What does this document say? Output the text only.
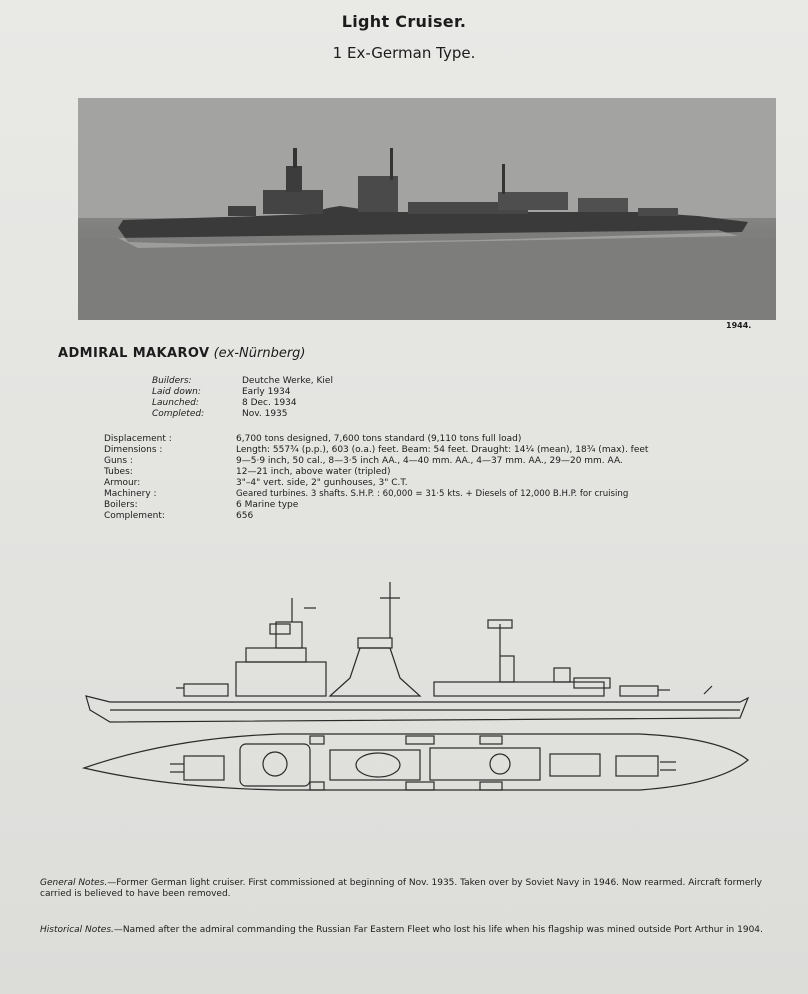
Light Cruiser.
1 Ex-German Type.
1944.
ADMIRAL MAKAROV (ex-Nürnberg)
Builders:
Laid down:
Launched:
Completed:
Deutche Werke, Kiel
Early 1934
8 Dec. 1934
Nov. 1935
Displacement :
Dimensions :
Guns :
Tubes:
Armour:
Machinery :
Boilers:
Complement:
6,700 tons designed, 7,600 tons standard (9,110 tons full load)
Length: 557¾ (p.p.), 603 (o.a.) feet. Beam: 54 feet. Draught: 14¼ (mean), 18¾ (max). feet
9—5·9 inch, 50 cal., 8—3·5 inch AA., 4—40 mm. AA., 4—37 mm. AA., 29—20 mm. AA.
12—21 inch, above water (tripled)
3"–4" vert. side, 2" gunhouses, 3" C.T.
Geared turbines. 3 shafts. S.H.P. : 60,000 = 31·5 kts. + Diesels of 12,000 B.H.P. for cruising
6 Marine type
656
General Notes.—Former German light cruiser. First commissioned at beginning of Nov. 1935. Taken over by Soviet Navy in 1946. Now rearmed. Aircraft formerly carried is believed to have been removed.
Historical Notes.—Named after the admiral commanding the Russian Far Eastern Fleet who lost his life when his flagship was mined outside Port Arthur in 1904.
